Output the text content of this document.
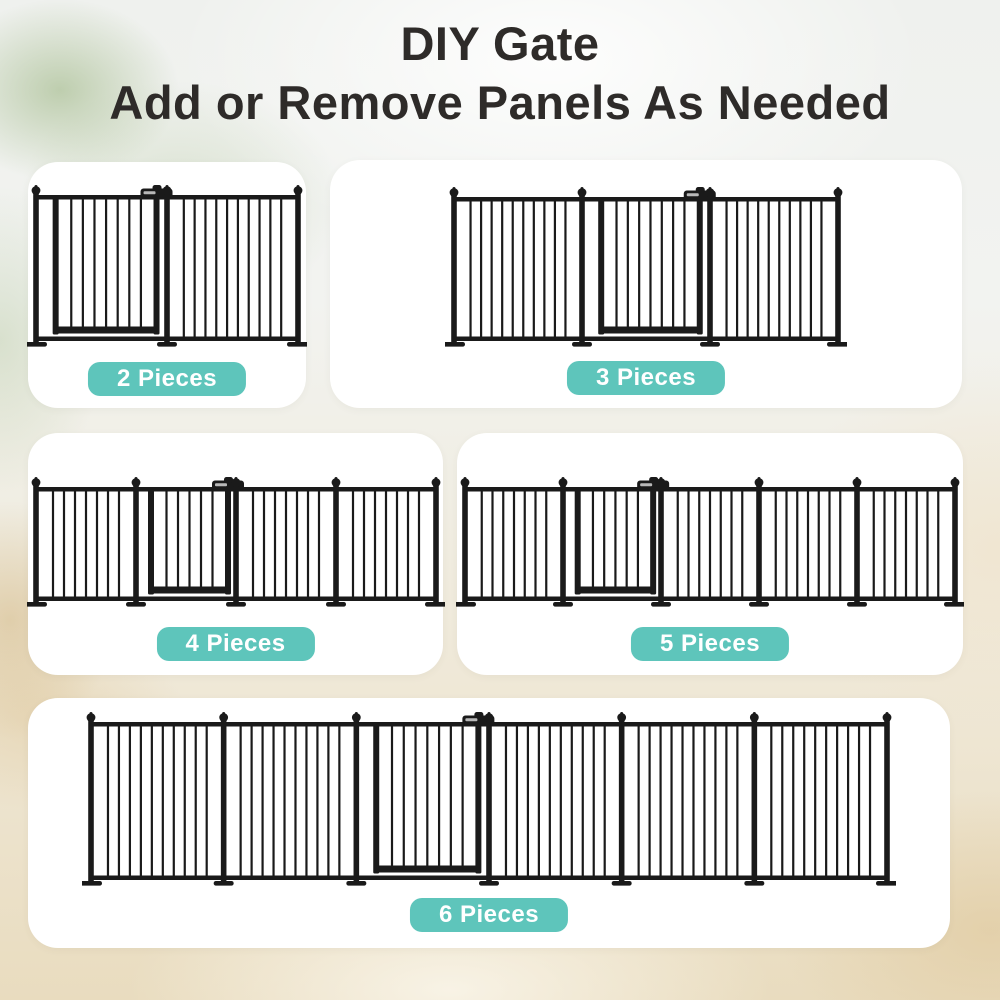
DIY Gate
Add or Remove Panels As Needed
2 Pieces	3 Pieces
4 Pieces	5 Pieces
6 Pieces
